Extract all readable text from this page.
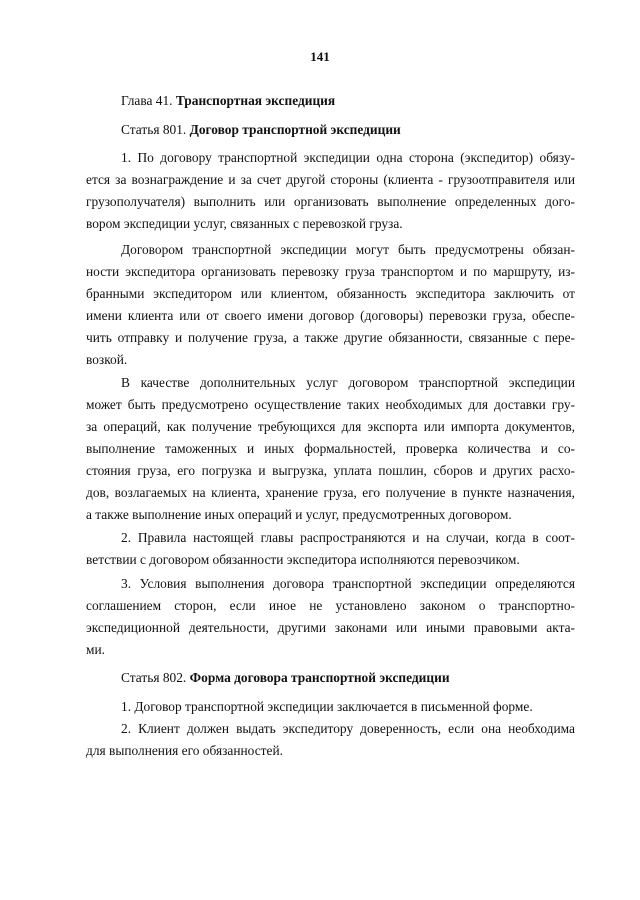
141
Глава 41. Транспортная экспедиция
Статья 801. Договор транспортной экспедиции
1. По договору транспортной экспедиции одна сторона (экспедитор) обязу-
ется за вознаграждение и за счет другой стороны (клиента - грузоотправителя или
грузополучателя) выполнить или организовать выполнение определенных дого-
вором экспедиции услуг, связанных с перевозкой груза.
Договором транспортной экспедиции могут быть предусмотрены обязан-
ности экспедитора организовать перевозку груза транспортом и по маршруту, из-
бранными экспедитором или клиентом, обязанность экспедитора заключить от
имени клиента или от своего имени договор (договоры) перевозки груза, обеспе-
чить отправку и получение груза, а также другие обязанности, связанные с пере-
возкой.
В качестве дополнительных услуг договором транспортной экспедиции
может быть предусмотрено осуществление таких необходимых для доставки гру-
за операций, как получение требующихся для экспорта или импорта документов,
выполнение таможенных и иных формальностей, проверка количества и со-
стояния груза, его погрузка и выгрузка, уплата пошлин, сборов и других расхо-
дов, возлагаемых на клиента, хранение груза, его получение в пункте назначения,
а также выполнение иных операций и услуг, предусмотренных договором.
2. Правила настоящей главы распространяются и на случаи, когда в соот-
ветствии с договором обязанности экспедитора исполняются перевозчиком.
3. Условия выполнения договора транспортной экспедиции определяются
соглашением сторон, если иное не установлено законом о транспортно-
экспедиционной деятельности, другими законами или иными правовыми акта-
ми.
Статья 802. Форма договора транспортной экспедиции
1. Договор транспортной экспедиции заключается в письменной форме.
2. Клиент должен выдать экспедитору доверенность, если она необходима
для выполнения его обязанностей.
